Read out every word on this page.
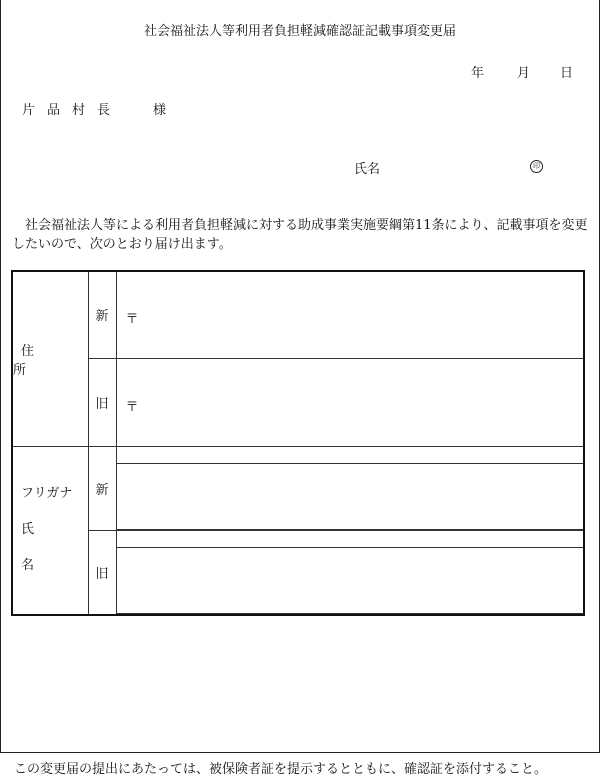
社会福祉法人等利用者負担軽減確認証記載事項変更届
年	月 日
片品村長 様
氏名	印
社会福祉法人等による利用者負担軽減に対する助成事業実施要綱第11条により、記載事項を変更したいので、次のとおり届け出ます。
住　所	新	〒

	旧	〒

フリガナ
氏　名	新	

	旧	

この変更届の提出にあたっては、被保険者証を提示するとともに、確認証を添付すること。
